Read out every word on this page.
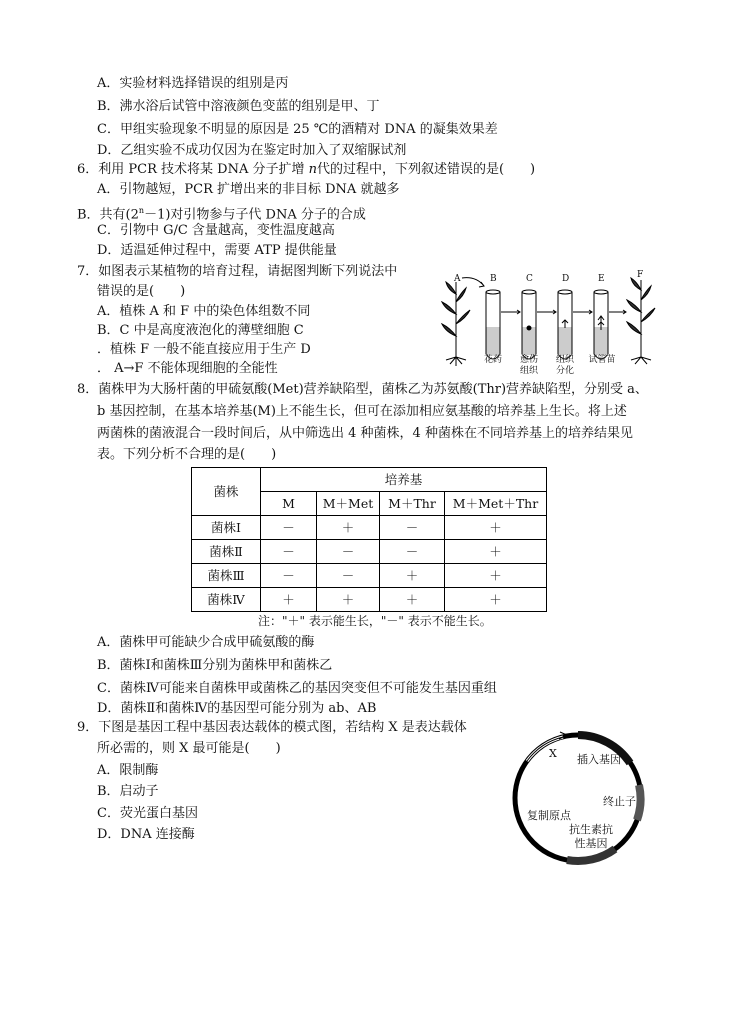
A．实验材料选择错误的组别是丙
B．沸水浴后试管中溶液颜色变蓝的组别是甲、丁
C．甲组实验现象不明显的原因是 25 ℃的酒精对 DNA 的凝集效果差
D．乙组实验不成功仅因为在鉴定时加入了双缩脲试剂
6．利用 PCR 技术将某 DNA 分子扩增 n代的过程中，下列叙述错误的是(　　)
A．引物越短，PCR 扩增出来的非目标 DNA 就越多
B．共有$(2^n-1)$对引物参与子代 DNA 分子的合成
C．引物中 G/C 含量越高，变性温度越高
D．适温延伸过程中，需要 ATP 提供能量
7．如图表示某植物的培育过程，请据图判断下列说法中
错误的是(　　)
A．植株 A 和 F 中的染色体组数不同
B．C 中是高度液泡化的薄壁细胞 C
．植株 F 一般不能直接应用于生产 D
． A→F 不能体现细胞的全能性
A	B	C	D	E	F
花药 愈伤
组织
组织
分化
试管苗
8．菌株甲为大肠杆菌的甲硫氨酸(Met)营养缺陷型，菌株乙为苏氨酸(Thr)营养缺陷型，分别受 a、
b 基因控制，在基本培养基(M)上不能生长，但可在添加相应氨基酸的培养基上生长。将上述
两菌株的菌液混合一段时间后，从中筛选出 4 种菌株，4 种菌株在不同培养基上的培养结果见
表。下列分析不合理的是(　　)
菌株	培养基			
	M	M＋Met	M＋Thr	M＋Met＋Thr
菌株Ⅰ	－	＋	－	＋
菌株Ⅱ	－	－	－	＋
菌株Ⅲ	－	－	＋	＋
菌株Ⅳ	＋	＋	＋	＋
注："＋" 表示能生长，"－" 表示不能生长。
A．菌株甲可能缺少合成甲硫氨酸的酶
B．菌株Ⅰ和菌株Ⅲ分别为菌株甲和菌株乙
C．菌株Ⅳ可能来自菌株甲或菌株乙的基因突变但不可能发生基因重组
D．菌株Ⅱ和菌株Ⅳ的基因型可能分别为 ab、AB
9．下图是基因工程中基因表达载体的模式图，若结构 X 是表达载体
所必需的，则 X 最可能是(　　)
A．限制酶
B．启动子
C．荧光蛋白基因
D．DNA 连接酶
X 插入基因
终止子
复制原点
抗生素抗
性基因
